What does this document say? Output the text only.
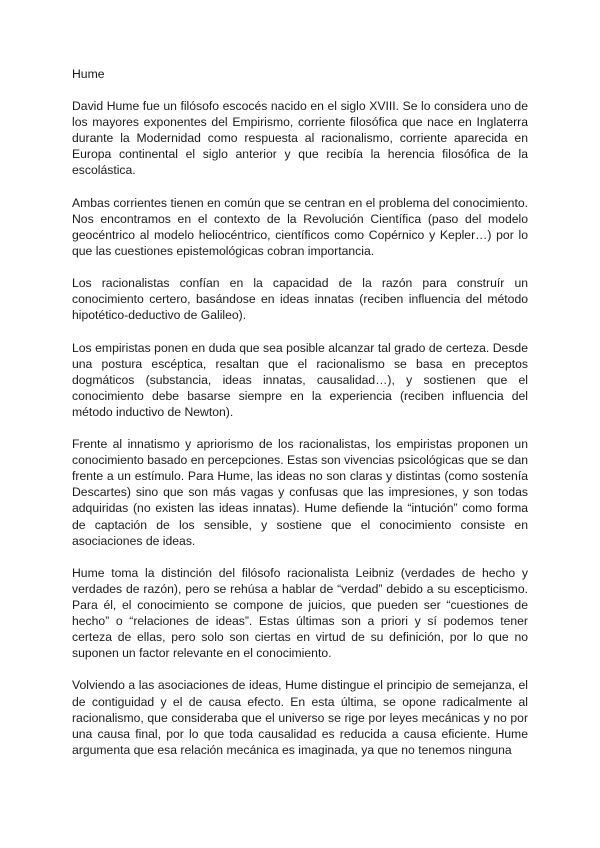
Hume

David Hume fue un filósofo escocés nacido en el siglo XVIII. Se lo considera uno de los mayores exponentes del Empirismo, corriente filosófica que nace en Inglaterra durante la Modernidad como respuesta al racionalismo, corriente aparecida en Europa continental el siglo anterior y que recibía la herencia filosófica de la escolástica.

Ambas corrientes tienen en común que se centran en el problema del conocimiento. Nos encontramos en el contexto de la Revolución Científica (paso del modelo geocéntrico al modelo heliocéntrico, científicos como Copérnico y Kepler…) por lo que las cuestiones epistemológicas cobran importancia.

Los racionalistas confían en la capacidad de la razón para construír un conocimiento certero, basándose en ideas innatas (reciben influencia del método hipotético-deductivo de Galileo).

Los empiristas ponen en duda que sea posible alcanzar tal grado de certeza. Desde una postura escéptica, resaltan que el racionalismo se basa en preceptos dogmáticos (substancia, ideas innatas, causalidad…), y sostienen que el conocimiento debe basarse siempre en la experiencia (reciben influencia del método inductivo de Newton).

Frente al innatismo y apriorismo de los racionalistas, los empiristas proponen un conocimiento basado en percepciones. Estas son vivencias psicológicas que se dan frente a un estímulo. Para Hume, las ideas no son claras y distintas (como sostenía Descartes) sino que son más vagas y confusas que las impresiones, y son todas adquiridas (no existen las ideas innatas). Hume defiende la “intución” como forma de captación de los sensible, y sostiene que el conocimiento consiste en asociaciones de ideas.

Hume toma la distinción del filósofo racionalista Leibniz (verdades de hecho y verdades de razón), pero se rehúsa a hablar de “verdad” debido a su escepticismo. Para él, el conocimiento se compone de juicios, que pueden ser “cuestiones de hecho” o “relaciones de ideas”. Estas últimas son a priori y sí podemos tener certeza de ellas, pero solo son ciertas en virtud de su definición, por lo que no suponen un factor relevante en el conocimiento.

Volviendo a las asociaciones de ideas, Hume distingue el principio de semejanza, el de contiguidad y el de causa efecto. En esta última, se opone radicalmente al racionalismo, que consideraba que el universo se rige por leyes mecánicas y no por una causa final, por lo que toda causalidad es reducida a causa eficiente. Hume argumenta que esa relación mecánica es imaginada, ya que no tenemos ninguna
